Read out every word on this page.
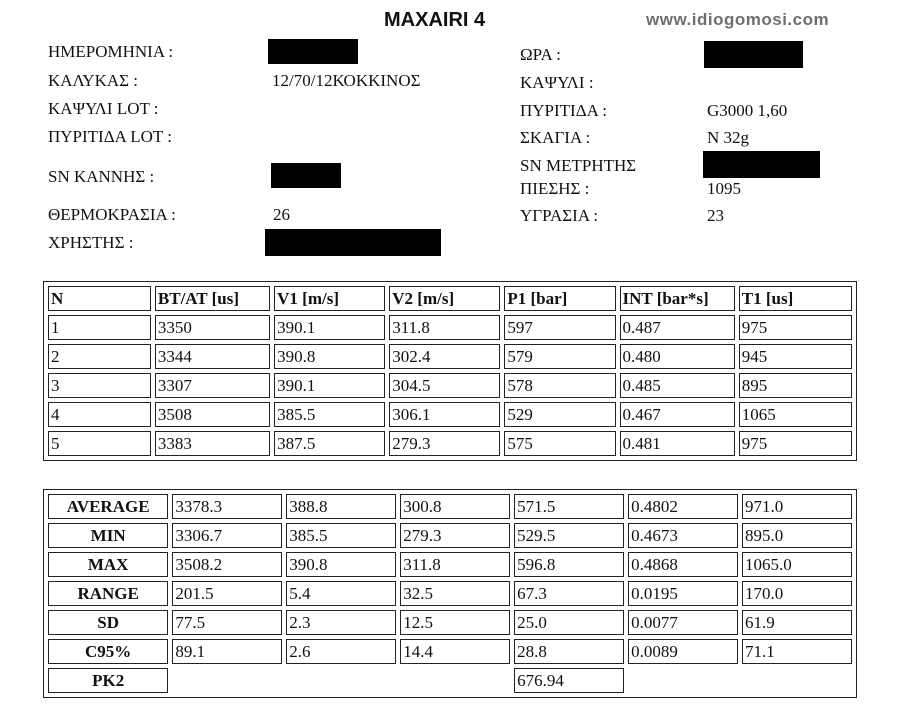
MAXAIRI 4	www.idiogomosi.com
ΗΜΕΡΟΜΗΝΙΑ :
ΚΑΛΥΚΑΣ :	12/70/12ΚΟΚΚΙΝΟΣ
ΚΑΨΥΛΙ LOT :
ΠΥΡΙΤΙΔΑ LOT :
SN ΚΑΝΝΗΣ :
ΘΕΡΜΟΚΡΑΣΙΑ :	26
ΧΡΗΣΤΗΣ :
ΩΡΑ :
ΚΑΨΥΛΙ :
ΠΥΡΙΤΙΔΑ :	G3000 1,60
ΣΚΑΓΙΑ :	N 32g
SN ΜΕΤΡΗΤΗΣ
ΠΙΕΣΗΣ :	1095
ΥΓΡΑΣΙΑ :	23
N	BT/AT [us]	V1 [m/s]	V2 [m/s]	P1 [bar]	INT [bar*s]	T1 [us]
1	3350	390.1	311.8	597	0.487	975
2	3344	390.8	302.4	579	0.480	945
3	3307	390.1	304.5	578	0.485	895
4	3508	385.5	306.1	529	0.467	1065
5	3383	387.5	279.3	575	0.481	975
AVERAGE	3378.3	388.8	300.8	571.5	0.4802	971.0
MIN	3306.7	385.5	279.3	529.5	0.4673	895.0
MAX	3508.2	390.8	311.8	596.8	0.4868	1065.0
RANGE	201.5	5.4	32.5	67.3	0.0195	170.0
SD	77.5	2.3	12.5	25.0	0.0077	61.9
C95%	89.1	2.6	14.4	28.8	0.0089	71.1
PK2				676.94		
